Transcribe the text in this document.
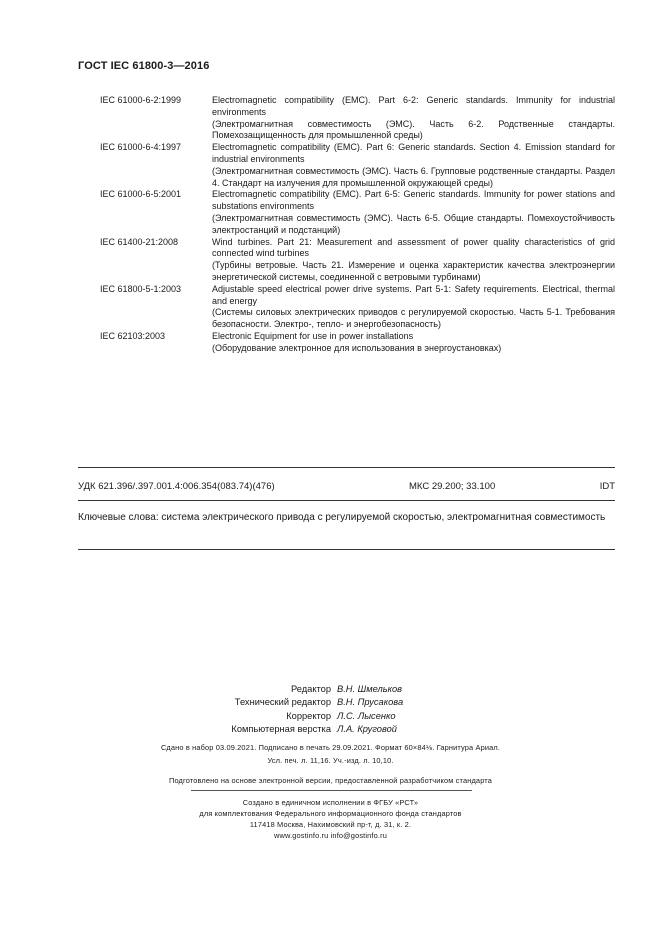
ГОСТ IEC 61800-3—2016
IEC 61000-6-2:1999	Electromagnetic compatibility (EMC). Part 6-2: Generic standards. Immunity for industrial environments
(Электромагнитная совместимость (ЭМС). Часть 6-2. Родственные стандарты. Помехозащищенность для промышленной среды)
IEC 61000-6-4:1997	Electromagnetic compatibility (EMC). Part 6: Generic standards. Section 4. Emission standard for industrial environments
(Электромагнитная совместимость (ЭМС). Часть 6. Групповые родственные стандарты. Раздел 4. Стандарт на излучения для промышленной окружающей среды)
IEC 61000-6-5:2001	Electromagnetic compatibility (EMC). Part 6-5: Generic standards. Immunity for power stations and substations environments
(Электромагнитная совместимость (ЭМС). Часть 6-5. Общие стандарты. Помехоустойчивость электростанций и подстанций)
IEC 61400-21:2008	Wind turbines. Part 21: Measurement and assessment of power quality characteristics of grid connected wind turbines
(Турбины ветровые. Часть 21. Измерение и оценка характеристик качества электроэнергии энергетической системы, соединенной с ветровыми турбинами)
IEC 61800-5-1:2003	Adjustable speed electrical power drive systems. Part 5-1: Safety requirements. Electrical, thermal and energy
(Системы силовых электрических приводов с регулируемой скоростью. Часть 5-1. Требования безопасности. Электро-, тепло- и энергобезопасность)
IEC 62103:2003	Electronic Equipment for use in power installations
(Оборудование электронное для использования в энергоустановках)
УДК 621.396/.397.001.4:006.354(083.74)(476)	МКС 29.200; 33.100	IDT
Ключевые слова: система электрического привода с регулируемой скоростью, электромагнитная совместимость
Редактор В.Н. Шмельков
Технический редактор В.Н. Прусакова
Корректор Л.С. Лысенко
Компьютерная верстка Л.А. Круговой
Сдано в набор 03.09.2021. Подписано в печать 29.09.2021. Формат 60×84⅛. Гарнитура Ариал.
Усл. печ. л. 11,16. Уч.-изд. л. 10,10.
Подготовлено на основе электронной версии, предоставленной разработчиком стандарта
Создано в единичном исполнении в ФГБУ «РСТ»
для комплектования Федерального информационного фонда стандартов
117418 Москва, Нахимовский пр-т, д. 31, к. 2.
www.gostinfo.ru info@gostinfo.ru
